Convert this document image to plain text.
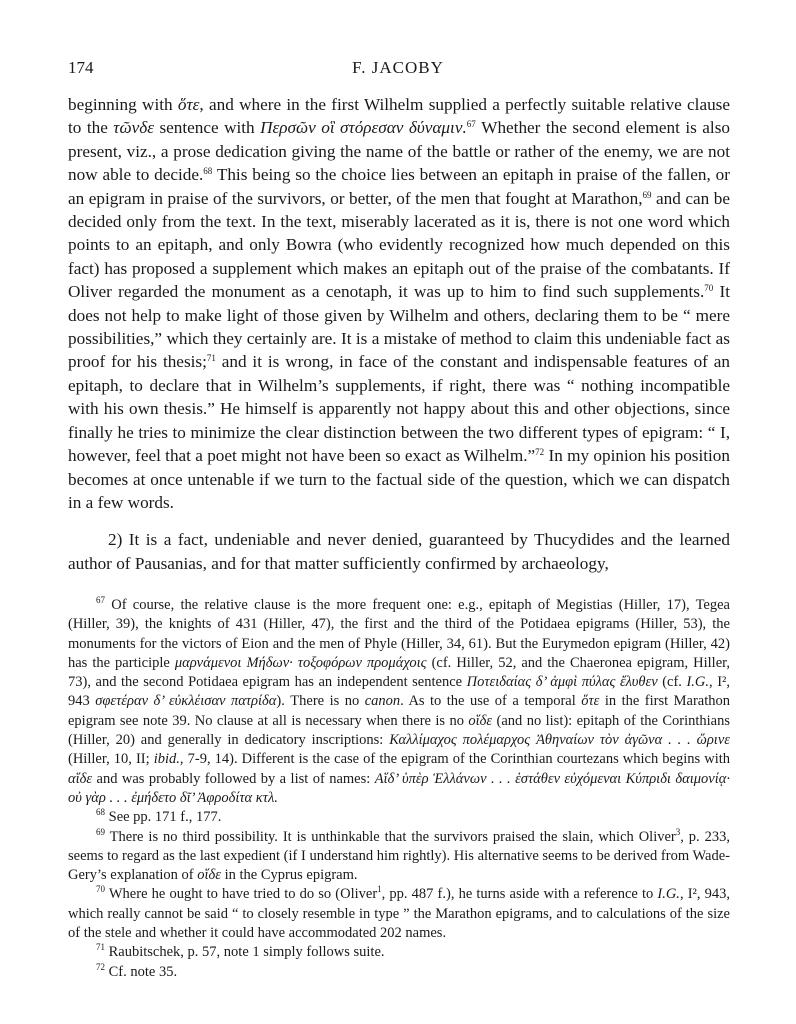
174	F. JACOBY

beginning with ὅτε, and where in the first Wilhelm supplied a perfectly suitable relative clause to the τῶνδε sentence with Περσῶν οἳ στόρεσαν δύναμιν.$^{67}$ Whether the second element is also present, viz., a prose dedication giving the name of the battle or rather of the enemy, we are not now able to decide.$^{68}$ This being so the choice lies between an epitaph in praise of the fallen, or an epigram in praise of the survivors, or better, of the men that fought at Marathon,$^{69}$ and can be decided only from the text. In the text, miserably lacerated as it is, there is not one word which points to an epitaph, and only Bowra (who evidently recognized how much depended on this fact) has proposed a supplement which makes an epitaph out of the praise of the combatants. If Oliver regarded the monument as a cenotaph, it was up to him to find such supplements.$^{70}$ It does not help to make light of those given by Wilhelm and others, declaring them to be “ mere possibilities,” which they certainly are. It is a mistake of method to claim this undeniable fact as proof for his thesis;$^{71}$ and it is wrong, in face of the constant and indispensable features of an epitaph, to declare that in Wilhelm’s supplements, if right, there was “ nothing incompatible with his own thesis.” He himself is apparently not happy about this and other objections, since finally he tries to minimize the clear distinction between the two different types of epigram: “ I, however, feel that a poet might not have been so exact as Wilhelm.”$^{72}$ In my opinion his position becomes at once untenable if we turn to the factual side of the question, which we can dispatch in a few words.

2) It is a fact, undeniable and never denied, guaranteed by Thucydides and the learned author of Pausanias, and for that matter sufficiently confirmed by archaeology,

$^{67}$ Of course, the relative clause is the more frequent one: e.g., epitaph of Megistias (Hiller, 17), Tegea (Hiller, 39), the knights of 431 (Hiller, 47), the first and the third of the Potidaea epigrams (Hiller, 53), the monuments for the victors of Eion and the men of Phyle (Hiller, 34, 61). But the Eurymedon epigram (Hiller, 42) has the participle μαρνάμενοι Μήδων· τοξοφόρων προμάχοις (cf. Hiller, 52, and the Chaeronea epigram, Hiller, 73), and the second Potidaea epigram has an independent sentence Ποτειδαίας δ’ ἀμφὶ πύλας ἔλυθεν (cf. I.G., I², 943 σφετέραν δ’ εὐκλέισαν πατρίδα). There is no canon. As to the use of a temporal ὅτε in the first Marathon epigram see note 39. No clause at all is necessary when there is no οἵδε (and no list): epitaph of the Corinthians (Hiller, 20) and generally in dedicatory inscriptions: Καλλίμαχος πολέμαρχος Ἀθηναίων τὸν ἀγῶνα . . . ὥρινε (Hiller, 10, II; ibid., 7-9, 14). Different is the case of the epigram of the Corinthian courtezans which begins with αἵδε and was probably followed by a list of names: Αἵδ’ ὑπὲρ Ἑλλάνων . . . ἑστάθεν εὐχόμεναι Κύπριδι δαιμονίᾳ· οὐ γὰρ . . . ἐμήδετο δῖ’ Ἀφροδίτα κτλ.

$^{68}$ See pp. 171 f., 177.

$^{69}$ There is no third possibility. It is unthinkable that the survivors praised the slain, which Oliver$^3$, p. 233, seems to regard as the last expedient (if I understand him rightly). His alternative seems to be derived from Wade-Gery’s explanation of οἵδε in the Cyprus epigram.

$^{70}$ Where he ought to have tried to do so (Oliver$^1$, pp. 487 f.), he turns aside with a reference to I.G., I², 943, which really cannot be said “ to closely resemble in type ” the Marathon epigrams, and to calculations of the size of the stele and whether it could have accommodated 202 names.

$^{71}$ Raubitschek, p. 57, note 1 simply follows suite.

$^{72}$ Cf. note 35.
